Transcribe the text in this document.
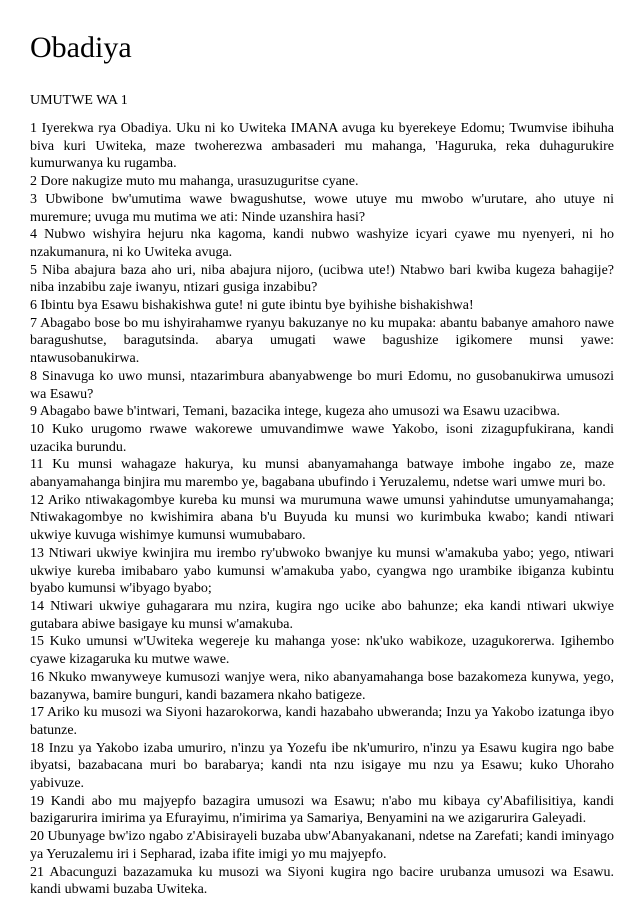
Obadiya
UMUTWE WA 1

1 Iyerekwa rya Obadiya. Uku ni ko Uwiteka IMANA avuga ku byerekeye Edomu; Twumvise ibihuha biva kuri Uwiteka, maze twoherezwa ambasaderi mu mahanga, 'Haguruka, reka duhagurukire kumurwanya ku rugamba.

2 Dore nakugize muto mu mahanga, urasuzuguritse cyane.

3 Ubwibone bw'umutima wawe bwagushutse, wowe utuye mu mwobo w'urutare, aho utuye ni muremure; uvuga mu mutima we ati: Ninde uzanshira hasi?

4 Nubwo wishyira hejuru nka kagoma, kandi nubwo washyize icyari cyawe mu nyenyeri, ni ho nzakumanura, ni ko Uwiteka avuga.

5 Niba abajura baza aho uri, niba abajura nijoro, (ucibwa ute!) Ntabwo bari kwiba kugeza bahagije? niba inzabibu zaje iwanyu, ntizari gusiga inzabibu?

6 Ibintu bya Esawu bishakishwa gute! ni gute ibintu bye byihishe bishakishwa!

7 Abagabo bose bo mu ishyirahamwe ryanyu bakuzanye no ku mupaka: abantu babanye amahoro nawe baragushutse, baragutsinda. abarya umugati wawe bagushize igikomere munsi yawe: ntawusobanukirwa.

8 Sinavuga ko uwo munsi, ntazarimbura abanyabwenge bo muri Edomu, no gusobanukirwa umusozi wa Esawu?

9 Abagabo bawe b'intwari, Temani, bazacika intege, kugeza aho umusozi wa Esawu uzacibwa.

10 Kuko urugomo rwawe wakorewe umuvandimwe wawe Yakobo, isoni zizagupfukirana, kandi uzacika burundu.

11 Ku munsi wahagaze hakurya, ku munsi abanyamahanga batwaye imbohe ingabo ze, maze abanyamahanga binjira mu marembo ye, bagabana ubufindo i Yeruzalemu, ndetse wari umwe muri bo.

12 Ariko ntiwakagombye kureba ku munsi wa murumuna wawe umunsi yahindutse umunyamahanga; Ntiwakagombye no kwishimira abana b'u Buyuda ku munsi wo kurimbuka kwabo; kandi ntiwari ukwiye kuvuga wishimye kumunsi wumubabaro.

13 Ntiwari ukwiye kwinjira mu irembo ry'ubwoko bwanjye ku munsi w'amakuba yabo; yego, ntiwari ukwiye kureba imibabaro yabo kumunsi w'amakuba yabo, cyangwa ngo urambike ibiganza kubintu byabo kumunsi w'ibyago byabo;

14 Ntiwari ukwiye guhagarara mu nzira, kugira ngo ucike abo bahunze; eka kandi ntiwari ukwiye gutabara abiwe basigaye ku munsi w'amakuba.

15 Kuko umunsi w'Uwiteka wegereje ku mahanga yose: nk'uko wabikoze, uzagukorerwa. Igihembo cyawe kizagaruka ku mutwe wawe.

16 Nkuko mwanyweye kumusozi wanjye wera, niko abanyamahanga bose bazakomeza kunywa, yego, bazanywa, bamire bunguri, kandi bazamera nkaho batigeze.

17 Ariko ku musozi wa Siyoni hazarokorwa, kandi hazabaho ubweranda; Inzu ya Yakobo izatunga ibyo batunze.

18 Inzu ya Yakobo izaba umuriro, n'inzu ya Yozefu ibe nk'umuriro, n'inzu ya Esawu kugira ngo babe ibyatsi, bazabacana muri bo barabarya; kandi nta nzu isigaye mu nzu ya Esawu; kuko Uhoraho yabivuze.

19 Kandi abo mu majyepfo bazagira umusozi wa Esawu; n'abo mu kibaya cy'Abafilisitiya, kandi bazigarurira imirima ya Efurayimu, n'imirima ya Samariya, Benyamini na we azigarurira Galeyadi.

20 Ubunyage bw'izo ngabo z'Abisirayeli buzaba ubw'Abanyakanani, ndetse na Zarefati; kandi iminyago ya Yeruzalemu iri i Sepharad, izaba ifite imigi yo mu majyepfo.

21 Abacunguzi bazazamuka ku musozi wa Siyoni kugira ngo bacire urubanza umusozi wa Esawu. kandi ubwami buzaba Uwiteka.
